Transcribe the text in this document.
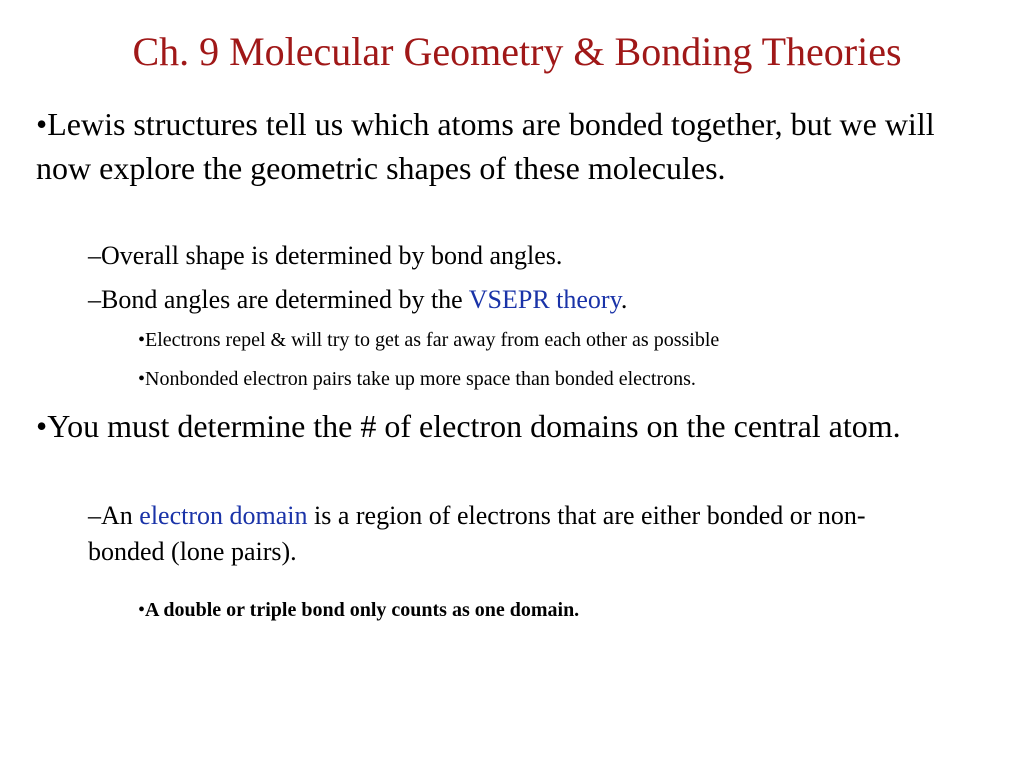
Ch. 9 Molecular Geometry & Bonding Theories

•Lewis structures tell us which atoms are bonded together, but we will now explore the geometric shapes of these molecules.

–Overall shape is determined by bond angles.

–Bond angles are determined by the VSEPR theory.

•Electrons repel & will try to get as far away from each other as possible

•Nonbonded electron pairs take up more space than bonded electrons.

•You must determine the # of electron domains on the central atom.

–An electron domain is a region of electrons that are either bonded or non-bonded (lone pairs).

•A double or triple bond only counts as one domain.
